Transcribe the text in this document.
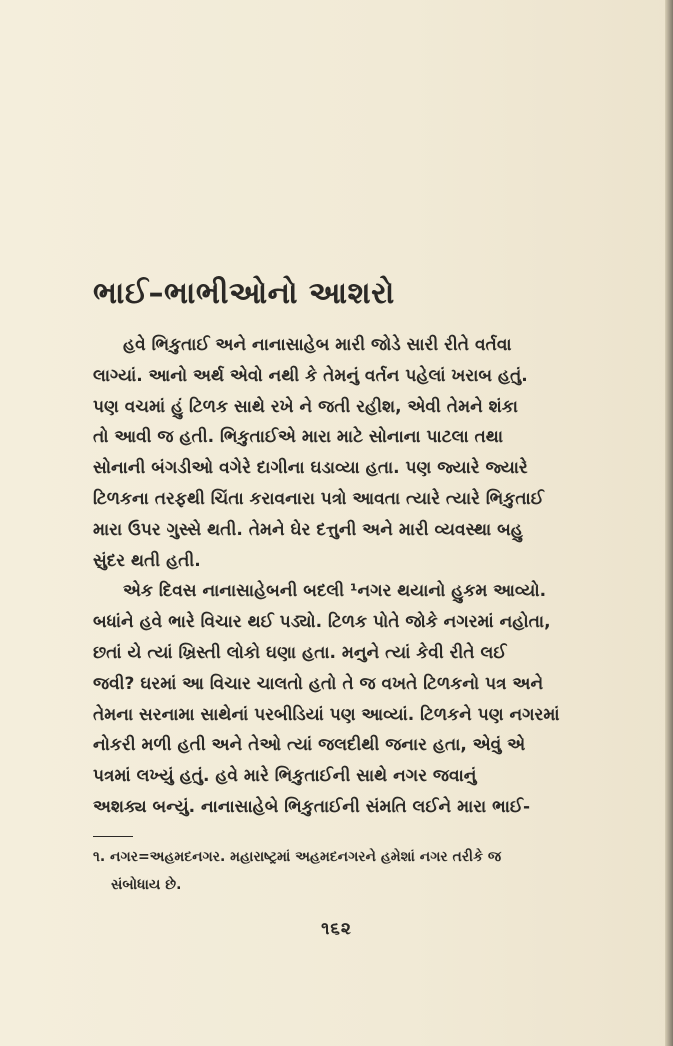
ભાઈ–ભાભીઓનો આશરો

હવે ભિકુતાઈ અને નાનાસાહેબ મારી જોડે સારી રીતે વર્તવા
લાગ્યાં. આનો અર્થ એવો નથી કે તેમનું વર્તન પહેલાં ખરાબ હતું.
પણ વચમાં હું ટિળક સાથે રખે ને જતી રહીશ, એવી તેમને શંકા
તો આવી જ હતી. ભિકુતાઈએ મારા માટે સોનાના પાટલા તથા
સોનાની બંગડીઓ વગેરે દાગીના ઘડાવ્યા હતા. પણ જ્યારે જ્યારે
ટિળકના તરફથી ચિંતા કરાવનારા પત્રો આવતા ત્યારે ત્યારે ભિકુતાઈ
મારા ઉપર ગુસ્સે થતી. તેમને ઘેર દત્તુની અને મારી વ્યવસ્થા બહુ
સુંદર થતી હતી.

એક દિવસ નાનાસાહેબની બદલી ¹નગર થયાનો હુકમ આવ્યો.
બધાંને હવે ભારે વિચાર થઈ પડ્યો. ટિળક પોતે જોકે નગરમાં નહોતા,
છતાં યે ત્યાં ખ્રિસ્તી લોકો ઘણા હતા. મનુને ત્યાં કેવી રીતે લઈ
જવી? ઘરમાં આ વિચાર ચાલતો હતો તે જ વખતે ટિળકનો પત્ર અને
તેમના સરનામા સાથેનાં પરબીડિયાં પણ આવ્યાં. ટિળકને પણ નગરમાં
નોકરી મળી હતી અને તેઓ ત્યાં જલદીથી જનાર હતા, એવું એ
પત્રમાં લખ્યું હતું. હવે મારે ભિકુતાઈની સાથે નગર જવાનું
અશક્ય બન્યું. નાનાસાહેબે ભિકુતાઈની સંમતિ લઈને મારા ભાઈ-

૧. નગર=અહમદનગર. મહારાષ્ટ્રમાં અહમદનગરને હમેશાં નગર તરીકે જ
સંબોધાય છે.
૧૬૨
